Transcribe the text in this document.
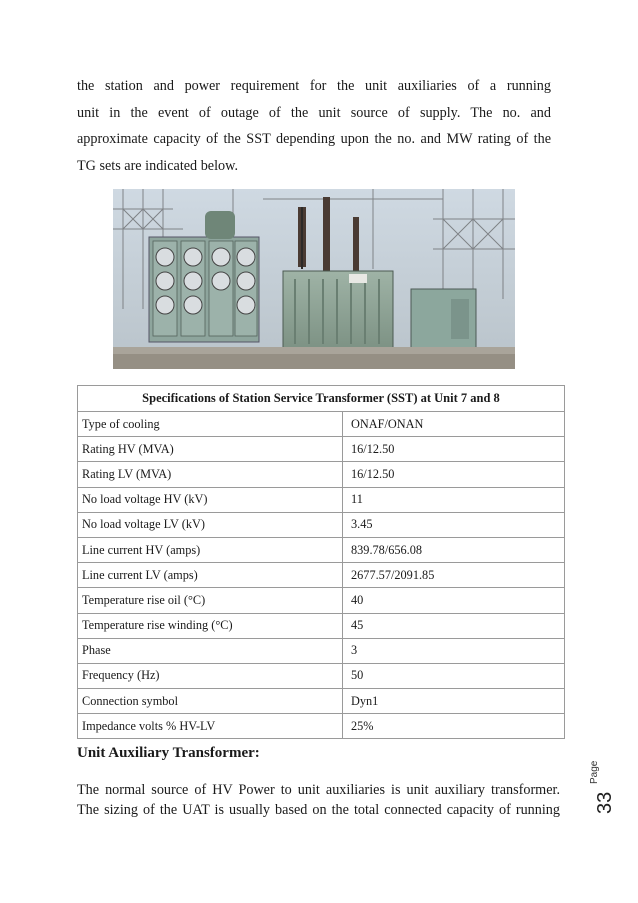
the station and power requirement for the unit auxiliaries of a running
unit in the event of outage of the unit source of supply. The no. and
approximate capacity of the SST depending upon the no. and MW rating of the
TG sets are indicated below.
Specifications of Station Service Transformer (SST) at Unit 7 and 8	
Type of cooling	ONAF/ONAN
Rating HV (MVA)	16/12.50
Rating LV (MVA)	16/12.50
No load voltage HV (kV)	11
No load voltage LV (kV)	3.45
Line current HV (amps)	839.78/656.08
Line current LV (amps)	2677.57/2091.85
Temperature rise oil (°C)	40
Temperature rise winding (°C)	45
Phase	3
Frequency (Hz)	50
Connection symbol	Dyn1
Impedance volts % HV-LV	25%
Unit Auxiliary Transformer:
The normal source of HV Power to unit auxiliaries is unit auxiliary transformer.
The sizing of the UAT is usually based on the total connected capacity of running
Page
33
